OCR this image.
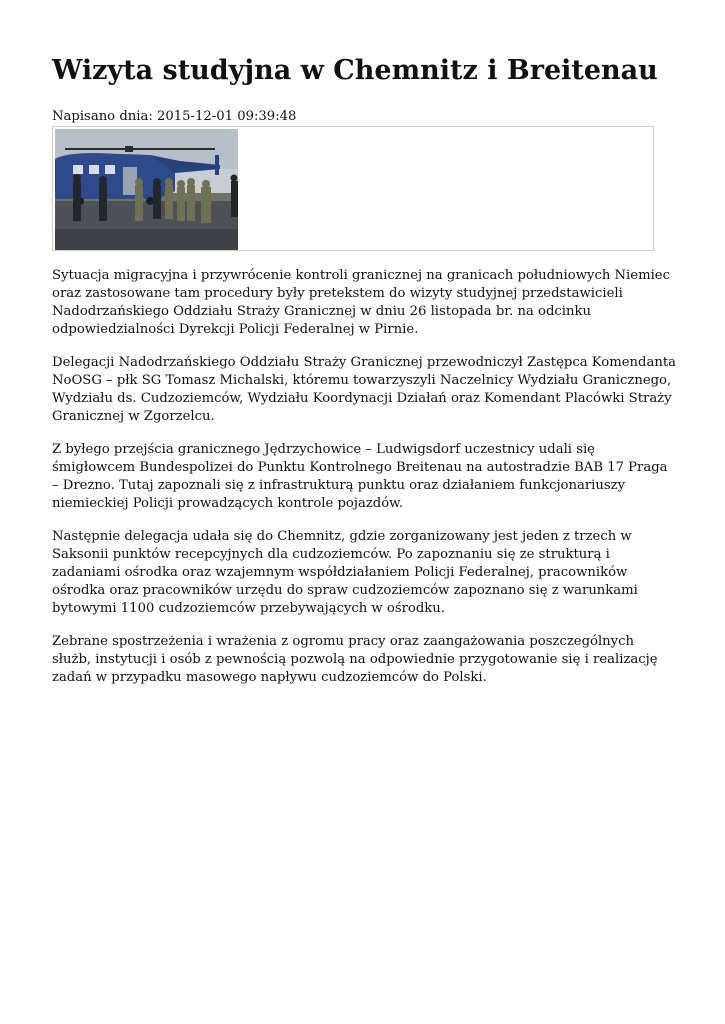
Wizyta studyjna w Chemnitz i Breitenau
Napisano dnia: 2015-12-01 09:39:48

Sytuacja migracyjna i przywrócenie kontroli granicznej na granicach południowych Niemiec oraz zastosowane tam procedury były pretekstem do wizyty studyjnej przedstawicieli Nadodrzańskiego Oddziału Straży Granicznej w dniu 26 listopada br. na odcinku odpowiedzialności Dyrekcji Policji Federalnej w Pirnie.

Delegacji Nadodrzańskiego Oddziału Straży Granicznej przewodniczył Zastępca Komendanta NoOSG – płk SG Tomasz Michalski, któremu towarzyszyli Naczelnicy Wydziału Granicznego, Wydziału ds. Cudzoziemców, Wydziału Koordynacji Działań oraz Komendant Placówki Straży Granicznej w Zgorzelcu.

Z byłego przejścia granicznego Jędrzychowice – Ludwigsdorf uczestnicy udali się śmigłowcem Bundespolizei do Punktu Kontrolnego Breitenau na autostradzie BAB 17 Praga – Drezno. Tutaj zapoznali się z infrastrukturą punktu oraz działaniem funkcjonariuszy niemieckiej Policji prowadzących kontrole pojazdów.

Następnie delegacja udała się do Chemnitz, gdzie zorganizowany jest jeden z trzech w Saksonii punktów recepcyjnych dla cudzoziemców. Po zapoznaniu się ze strukturą i zadaniami ośrodka oraz wzajemnym współdziałaniem Policji Federalnej, pracowników ośrodka oraz pracowników urzędu do spraw cudzoziemców zapoznano się z warunkami bytowymi 1100 cudzoziemców przebywających w ośrodku.

Zebrane spostrzeżenia i wrażenia z ogromu pracy oraz zaangażowania poszczególnych służb, instytucji i osób z pewnością pozwolą na odpowiednie przygotowanie się i realizację zadań w przypadku masowego napływu cudzoziemców do Polski.
